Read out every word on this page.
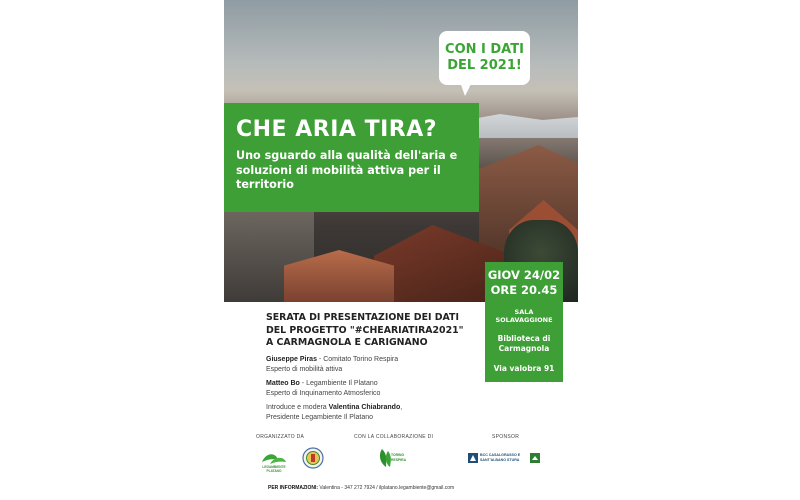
CON I DATI
DEL 2021!
CHE ARIA TIRA?
Uno sguardo alla qualità dell'aria e soluzioni di mobilità attiva per il territorio
GIOV 24/02
ORE 20.45
SALA
SOLAVAGGIONE
Biblioteca di
Carmagnola
Via valobra 91
SERATA DI PRESENTAZIONE DEI DATI
DEL PROGETTO "#CHEARIATIRA2021"
A CARMAGNOLA E CARIGNANO
Giuseppe Piras - Comitato Torino Respira
Esperto di mobilità attiva
Matteo Bo - Legambiente Il Platano
Esperto di Inquinamento Atmosferico
Introduce e modera Valentina Chiabrando,
Presidente Legambiente Il Platano
ORGANIZZATO DA	CON LA COLLABORAZIONE DI	SPONSOR
LEGAMBIENTE
PLATANO
TORINO
RESPIRA
BCC CASALGRASSO E
SANT'ALBANO STURA
PER INFORMAZIONI: Valentina - 347 272 7924 / ilplatano.legambiente@gmail.com
